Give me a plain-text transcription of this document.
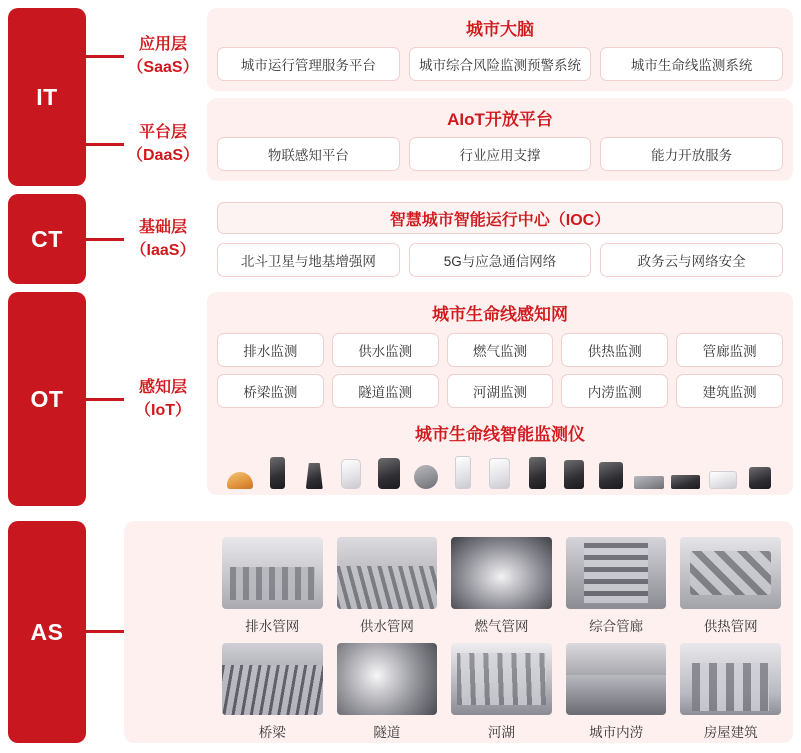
IT
CT
OT
AS
应用层
（SaaS）
城市大脑
城市运行管理服务平台	城市综合风险监测预警系统	城市生命线监测系统
平台层
（DaaS）
AIoT开放平台
物联感知平台	行业应用支撑	能力开放服务
基础层
（IaaS）
智慧城市智能运行中心（IOC）
北斗卫星与地基增强网	5G与应急通信网络	政务云与网络安全
感知层
（IoT）
城市生命线感知网
排水监测	供水监测	燃气监测	供热监测	管廊监测
桥梁监测	隧道监测	河湖监测	内涝监测	建筑监测
城市生命线智能监测仪
排水管网	供水管网	燃气管网	综合管廊	供热管网
桥梁	隧道	河湖	城市内涝	房屋建筑
